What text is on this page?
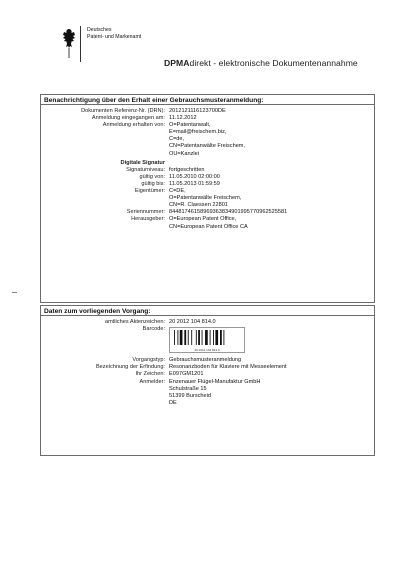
Deutsches
Patent- und Markenamt
DPMAdirekt - elektronische Dokumentenannahme
Benachrichtigung über den Erhalt einer Gebrauchsmusteranmeldung:
Dokumenten Referenz-Nr. (DRN): 2012121116123700DE
Anmeldung eingegangen am: 11.12.2012
Anmeldung erhalten von: O=Patentanwalt,
E=mail@freischem.biz,
C=de,
CN=Patentanwälte Freischem,
OU=Kanzlei
Digitale Signatur
Signaturniveau: fortgeschritten
gültig von: 11.05.2010 02:00:00
gültig bis: 11.05.2013 01:59:59
Eigentümer: C=DE,
O=Patentanwälte Freischem,
CN=R. Claessen 22801
Seriennummer: 84481746158969363834901995770962525581
Herausgeber: O=European Patent Office,
CN=European Patent Office CA
Daten zum vorliegenden Vorgang:
amtliches Aktenzeichen: 20 2012 104 814.0
Barcode:
20 2012 104 814.0
Vorgangstyp: Gebrauchsmusteranmeldung
Bezeichnung der Erfindung: Resonanzboden für Klaviere mit Messeelement
Ihr Zeichen: E097GM1201
Anmelder: Enzenauer Flügel-Manufaktur GmbH
Schulstraße 15
51399 Burscheid
DE
